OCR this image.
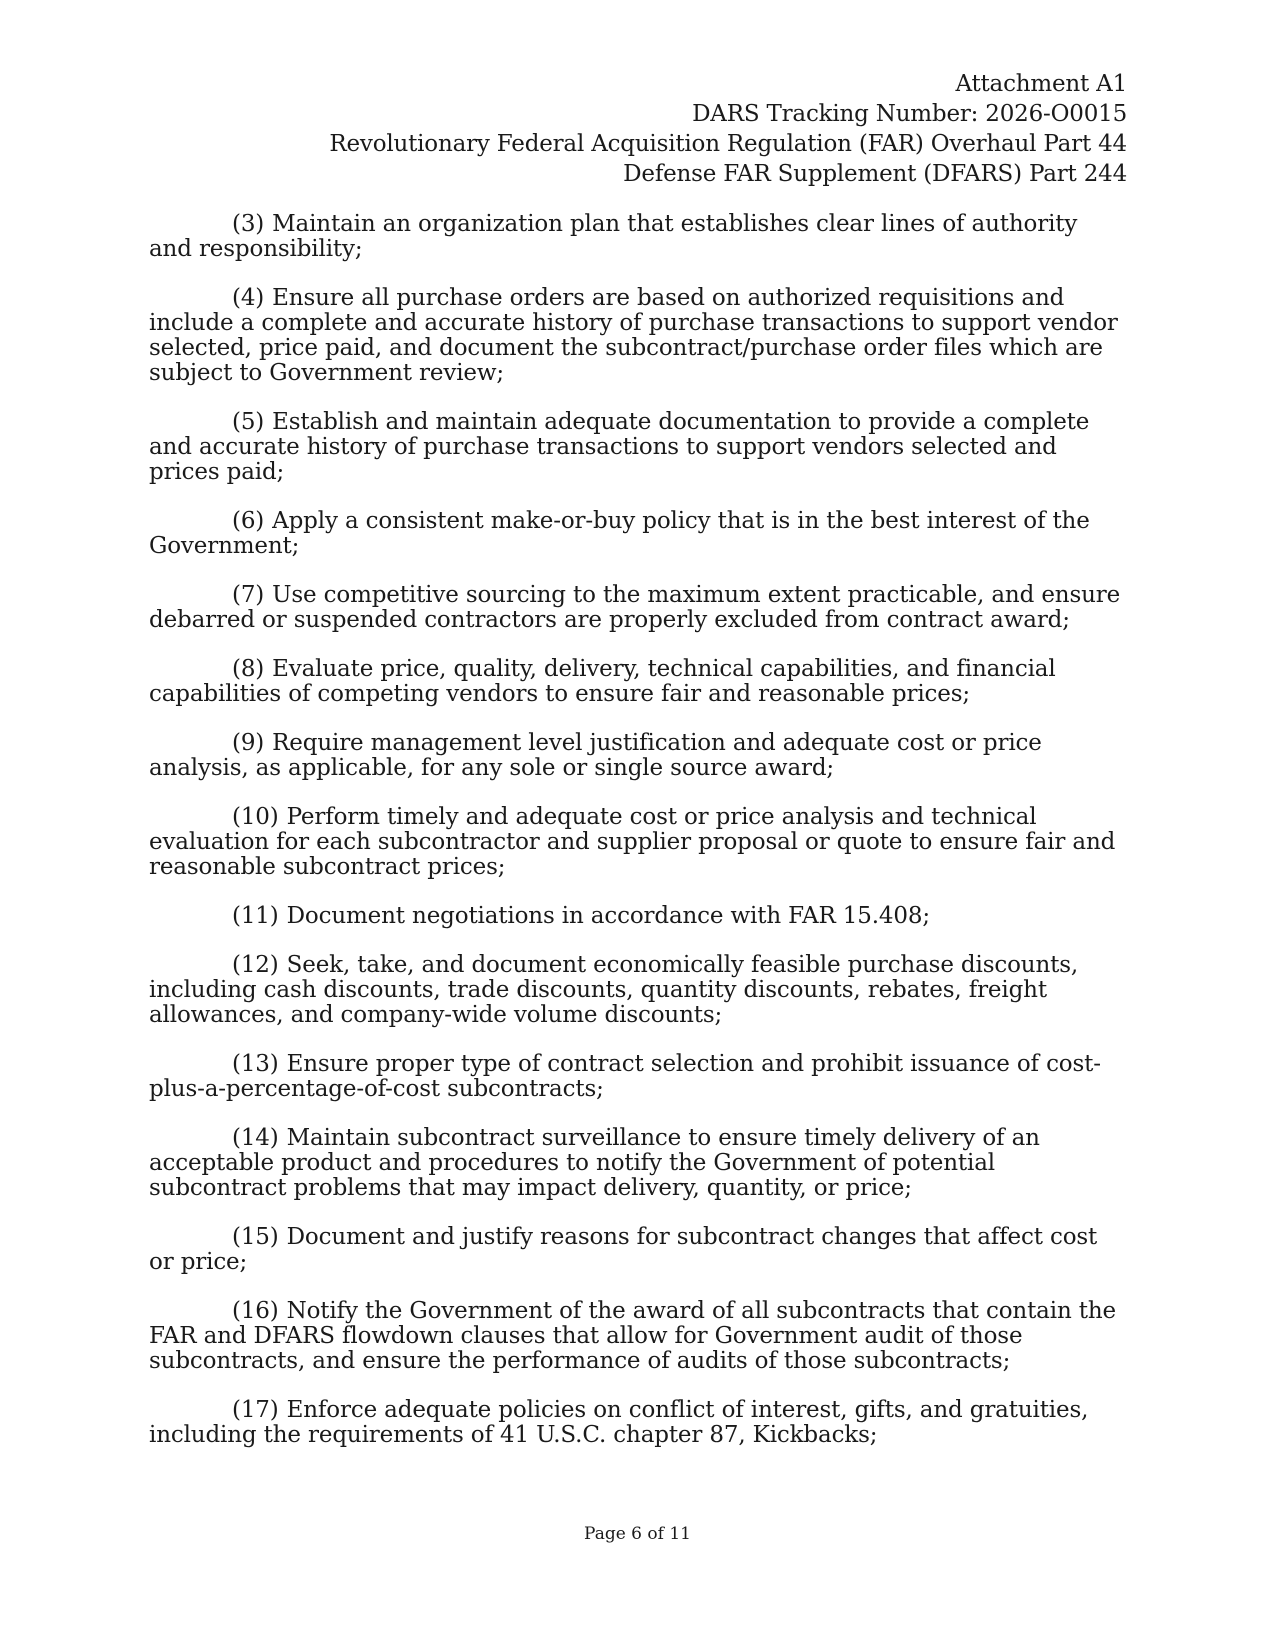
Attachment A1
DARS Tracking Number: 2026-O0015
Revolutionary Federal Acquisition Regulation (FAR) Overhaul Part 44
Defense FAR Supplement (DFARS) Part 244

(3) Maintain an organization plan that establishes clear lines of authority and responsibility;

(4) Ensure all purchase orders are based on authorized requisitions and include a complete and accurate history of purchase transactions to support vendor selected, price paid, and document the subcontract/purchase order files which are subject to Government review;

(5) Establish and maintain adequate documentation to provide a complete and accurate history of purchase transactions to support vendors selected and prices paid;

(6) Apply a consistent make-or-buy policy that is in the best interest of the Government;

(7) Use competitive sourcing to the maximum extent practicable, and ensure debarred or suspended contractors are properly excluded from contract award;

(8) Evaluate price, quality, delivery, technical capabilities, and financial capabilities of competing vendors to ensure fair and reasonable prices;

(9) Require management level justification and adequate cost or price analysis, as applicable, for any sole or single source award;

(10) Perform timely and adequate cost or price analysis and technical evaluation for each subcontractor and supplier proposal or quote to ensure fair and reasonable subcontract prices;

(11) Document negotiations in accordance with FAR 15.408;

(12) Seek, take, and document economically feasible purchase discounts, including cash discounts, trade discounts, quantity discounts, rebates, freight allowances, and company-wide volume discounts;

(13) Ensure proper type of contract selection and prohibit issuance of cost-plus-a-percentage-of-cost subcontracts;

(14) Maintain subcontract surveillance to ensure timely delivery of an acceptable product and procedures to notify the Government of potential subcontract problems that may impact delivery, quantity, or price;

(15) Document and justify reasons for subcontract changes that affect cost or price;

(16) Notify the Government of the award of all subcontracts that contain the FAR and DFARS flowdown clauses that allow for Government audit of those subcontracts, and ensure the performance of audits of those subcontracts;

(17) Enforce adequate policies on conflict of interest, gifts, and gratuities, including the requirements of 41 U.S.C. chapter 87, Kickbacks;

Page 6 of 11
